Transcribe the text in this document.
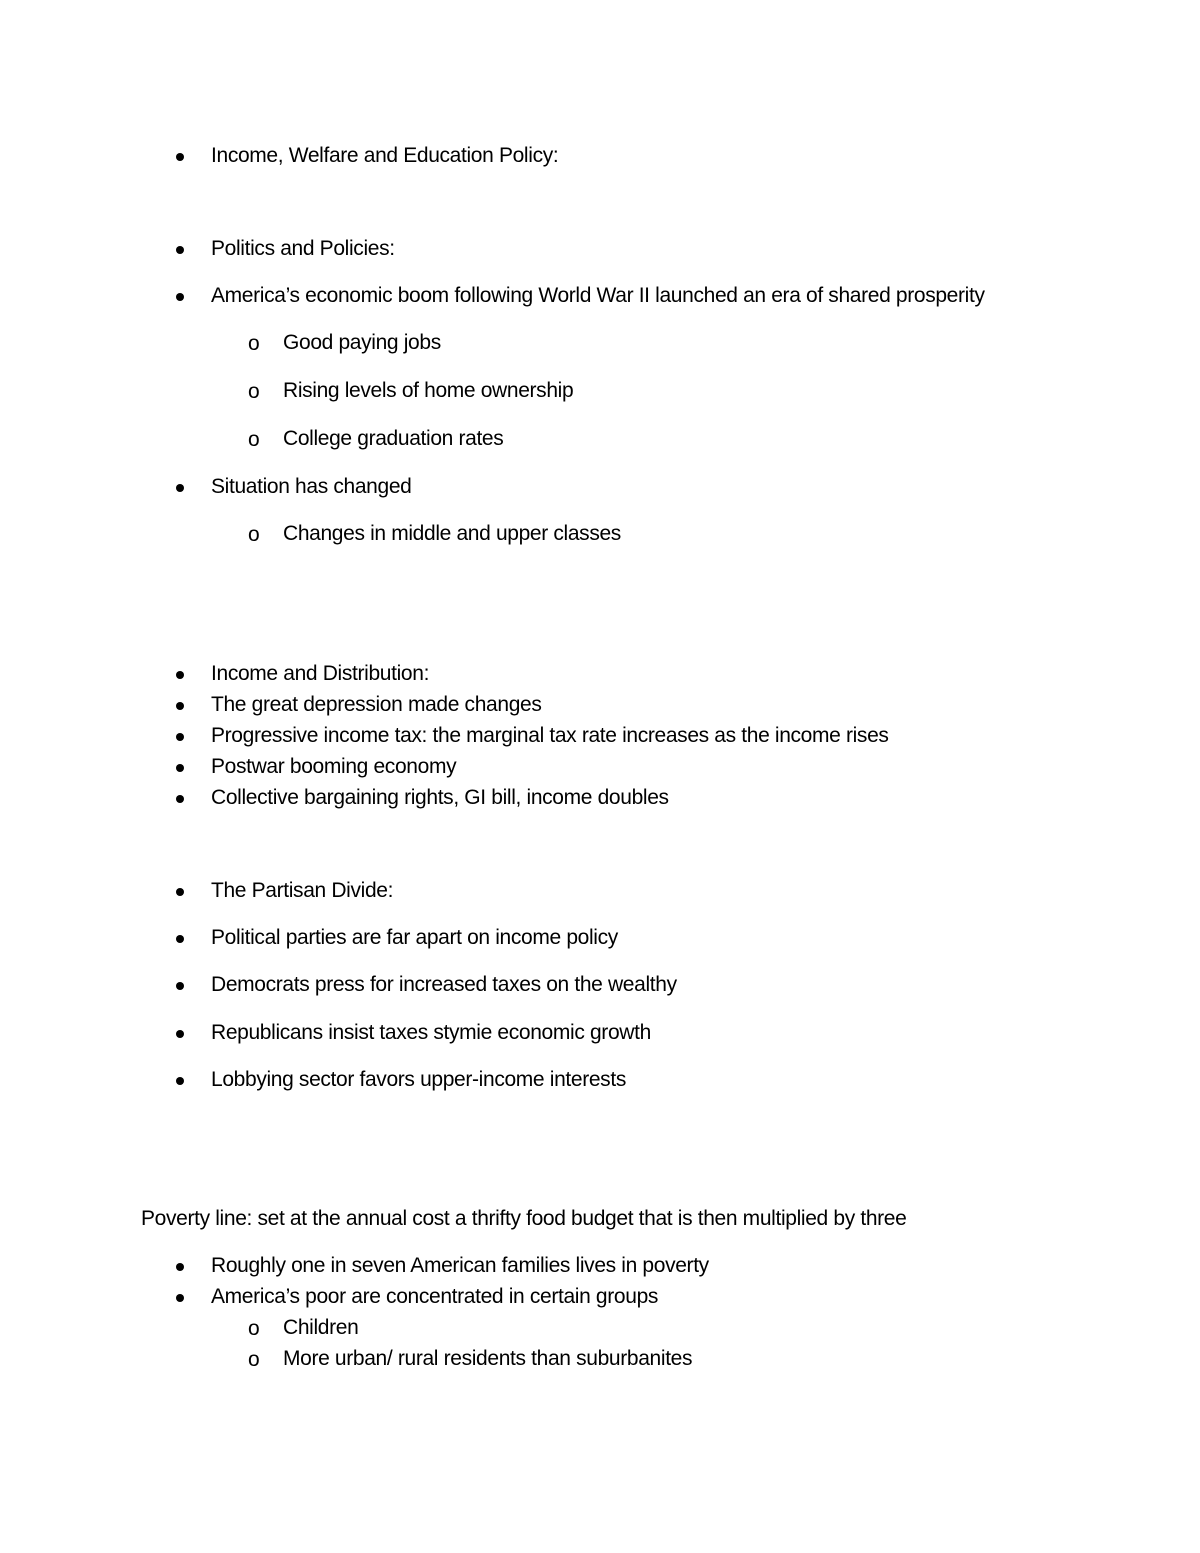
Income, Welfare and Education Policy:
Politics and Policies:
America’s economic boom following World War II launched an era of shared prosperity
o Good paying jobs
o Rising levels of home ownership
o College graduation rates
Situation has changed
o Changes in middle and upper classes
Income and Distribution:
The great depression made changes
Progressive income tax: the marginal tax rate increases as the income rises
Postwar booming economy
Collective bargaining rights, GI bill, income doubles
The Partisan Divide:
Political parties are far apart on income policy
Democrats press for increased taxes on the wealthy
Republicans insist taxes stymie economic growth
Lobbying sector favors upper-income interests
Poverty line: set at the annual cost a thrifty food budget that is then multiplied by three
Roughly one in seven American families lives in poverty
America’s poor are concentrated in certain groups
o Children
o More urban/ rural residents than suburbanites
